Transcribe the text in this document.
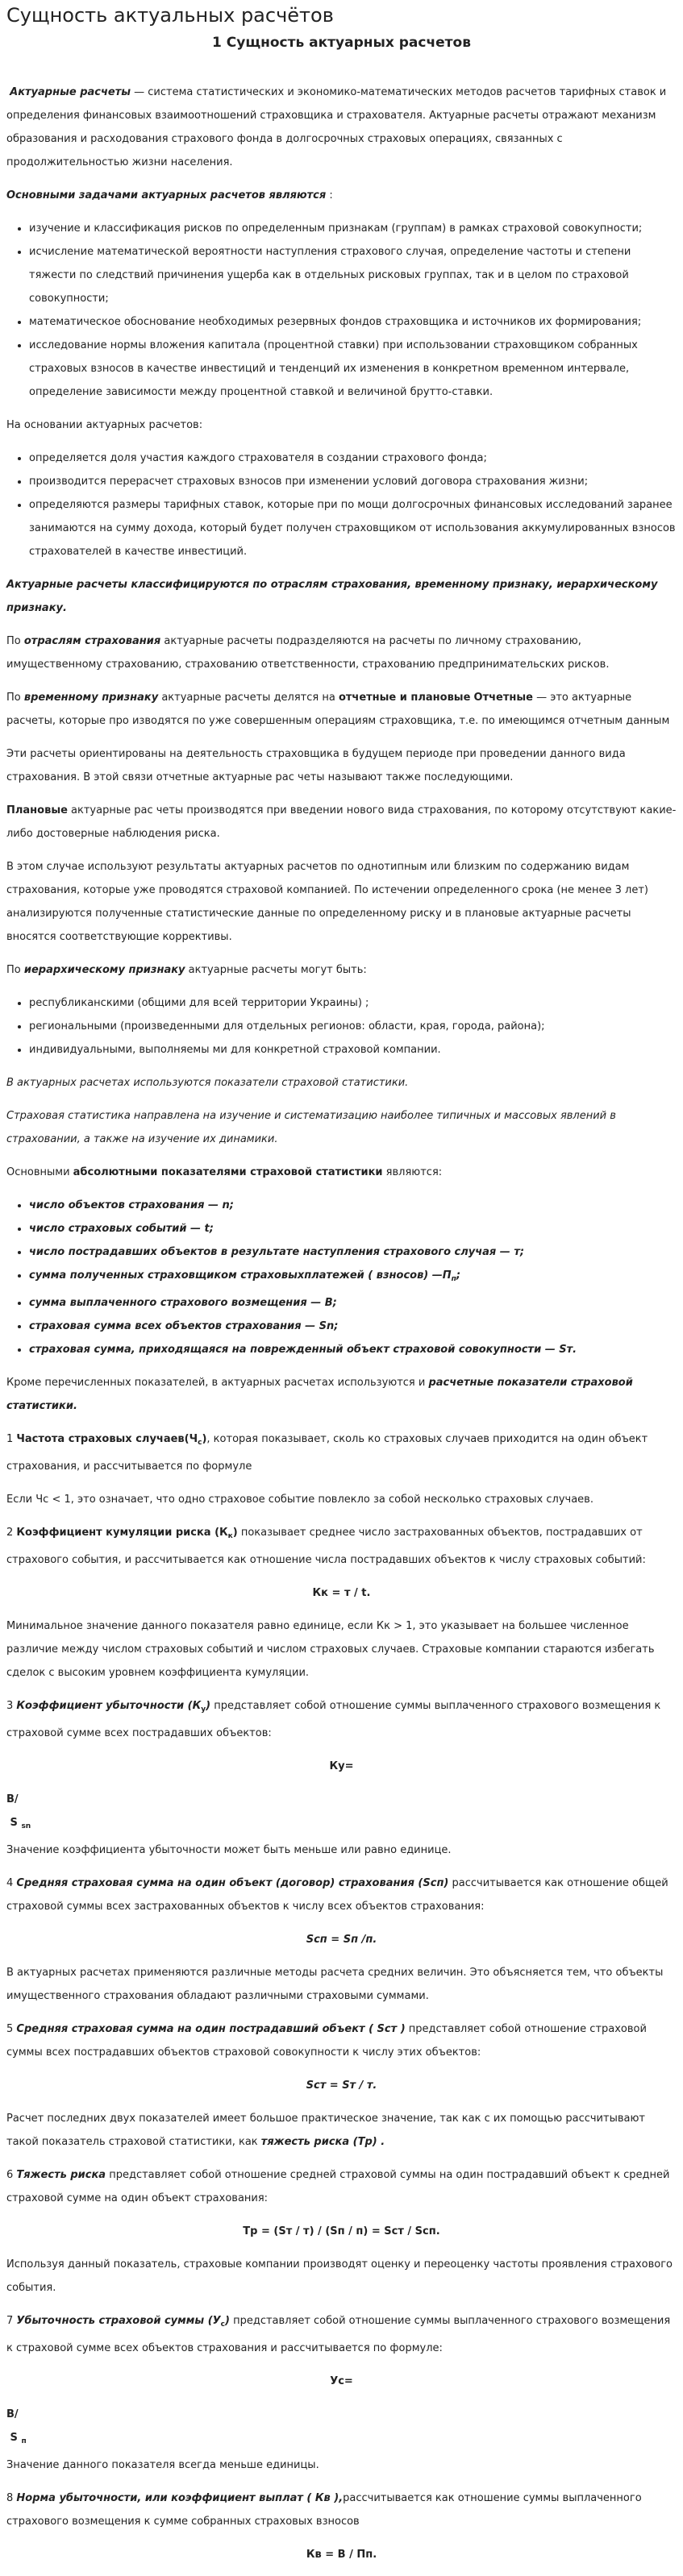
Сущность актуальных расчётов
1 Сущность актуарных расчетов

Актуарные расчеты — система статистических и экономико-математических методов расчетов тарифных ставок и определения финансовых взаимоотношений страховщика и страхователя. Актуарные расчеты отражают механизм образования и расходования страхового фонда в долгосрочных страховых операциях, связанных с продолжительностью жизни населения.

Основными задачами актуарных расчетов являются :

• изучение и классификация рисков по определенным признакам (группам) в рамках страховой совокупности;
• исчисление математической вероятности наступления страхового случая, определение частоты и степени тяжести по следствий причинения ущерба как в отдельных рисковых группах, так и в целом по страховой совокупности;
• математическое обоснование необходимых резервных фондов страховщика и источников их формирования;
• исследование нормы вложения капитала (процентной ставки) при использовании страховщиком собранных страховых взносов в качестве инвестиций и тенденций их изменения в конкретном временном интервале, определение зависимости между процентной ставкой и величиной брутто-ставки.

На основании актуарных расчетов:

• определяется доля участия каждого страхователя в создании страхового фонда;
• производится перерасчет страховых взносов при изменении условий договора страхования жизни;
• определяются размеры тарифных ставок, которые при по мощи долгосрочных финансовых исследований заранее занимаются на сумму дохода, который будет получен страховщиком от использования аккумулированных взносов страхователей в качестве инвестиций.

Актуарные расчеты классифицируются по отраслям страхования, временному признаку, иерархическому признаку.

По отраслям страхования актуарные расчеты подразделяются на расчеты по личному страхованию, имущественному страхованию, страхованию ответственности, страхованию предпринимательских рисков.

По временному признаку актуарные расчеты делятся на отчетные и плановые Отчетные — это актуарные расчеты, которые про изводятся по уже совершенным операциям страховщика, т.е. по имеющимся отчетным данным

Эти расчеты ориентированы на деятельность страховщика в будущем периоде при проведении данного вида страхования. В этой связи отчетные актуарные рас четы называют также последующими.

Плановые актуарные рас четы производятся при введении нового вида страхования, по которому отсутствуют какие-либо достоверные наблюдения риска.

В этом случае используют результаты актуарных расчетов по однотипным или близким по содержанию видам страхования, которые уже проводятся страховой компанией. По истечении определенного срока (не менее 3 лет) анализируются полученные статистические данные по определенному риску и в плановые актуарные расчеты вносятся соответствующие коррективы.

По иерархическому признаку актуарные расчеты могут быть:

• республиканскими (общими для всей территории Украины) ;
• региональными (произведенными для отдельных регионов: области, края, города, района);
• индивидуальными, выполняемы ми для конкретной страховой компании.

В актуарных расчетах используются показатели страховой статистики.

Страховая статистика направлена на изучение и систематизацию наиболее типичных и массовых явлений в страховании, а также на изучение их динамики.

Основными абсолютными показателями страховой статистики являются:

• число объектов страхования — n;
• число страховых событий — t;
• число пострадавших объектов в результате наступления страхового случая — т;
• сумма полученных страховщиком страховыхплатежей ( взносов) $—П_п$;
• сумма выплаченного страхового возмещения — В;
• страховая сумма всех объектов страхования — Sn;
• страховая сумма, приходящаяся на поврежденный объект страховой совокупности — Sт.

Кроме перечисленных показателей, в актуарных расчетах используются и расчетные показатели страховой статистики.

1 Частота страховых $случаев(Ч_с)$, которая показывает, сколь ко страховых случаев приходится на один объект страхования, и рассчитывается по формуле

Если Чс < 1, это означает, что одно страховое событие повлекло за собой несколько страховых случаев.

2 Коэффициент кумуляции риска $(К_к)$ показывает среднее число застрахованных объектов, пострадавших от страхового события, и рассчитывается как отношение числа пострадавших объектов к числу страховых событий:

Кк = т / t.

Минимальное значение данного показателя равно единице, если Кк > 1, это указывает на большее численное различие между числом страховых событий и числом страховых случаев. Страховые компании стараются избегать сделок с высоким уровнем коэффициента кумуляции.

3 Коэффициент убыточности $(К_у)$ представляет собой отношение суммы выплаченного страхового возмещения к страховой сумме всех пострадавших объектов:

Ку=

В/

S $_{sn}$

Значение коэффициента убыточности может быть меньше или равно единице.

4 Средняя страховая сумма на один объект (договор) страхования (Sсп) рассчитывается как отношение общей страховой суммы всех застрахованных объектов к числу всех объектов страхования:

Sсп = Sп /п.

В актуарных расчетах применяются различные методы расчета средних величин. Это объясняется тем, что объекты имущественного страхования обладают различными страховыми суммами.

5 Средняя страховая сумма на один пострадавший объект ( Sст ) представляет собой отношение страховой суммы всех пострадавших объектов страховой совокупности к числу этих объектов:

Sст = Sт / т.

Расчет последних двух показателей имеет большое практическое значение, так как с их помощью рассчитывают такой показатель страховой статистики, как тяжесть риска (Тр) .

6 Тяжесть риска представляет собой отношение средней страховой суммы на один пострадавший объект к средней страховой сумме на один объект страхования:

Тр = (Sт / т) / (Sп / п) = Sст / Sсп.

Используя данный показатель, страховые компании производят оценку и переоценку частоты проявления страхового события.

7 Убыточность страховой суммы $(У_с)$ представляет собой отношение суммы выплаченного страхового возмещения к страховой сумме всех объектов страхования и рассчитывается по формуле:

Ус=

В/

S $_п$

Значение данного показателя всегда меньше единицы.

8 Норма убыточности, или коэффициент выплат ( Кв ),рассчитывается как отношение суммы выплаченного страхового возмещения к сумме собранных страховых взносов

Кв = В / Пп.
